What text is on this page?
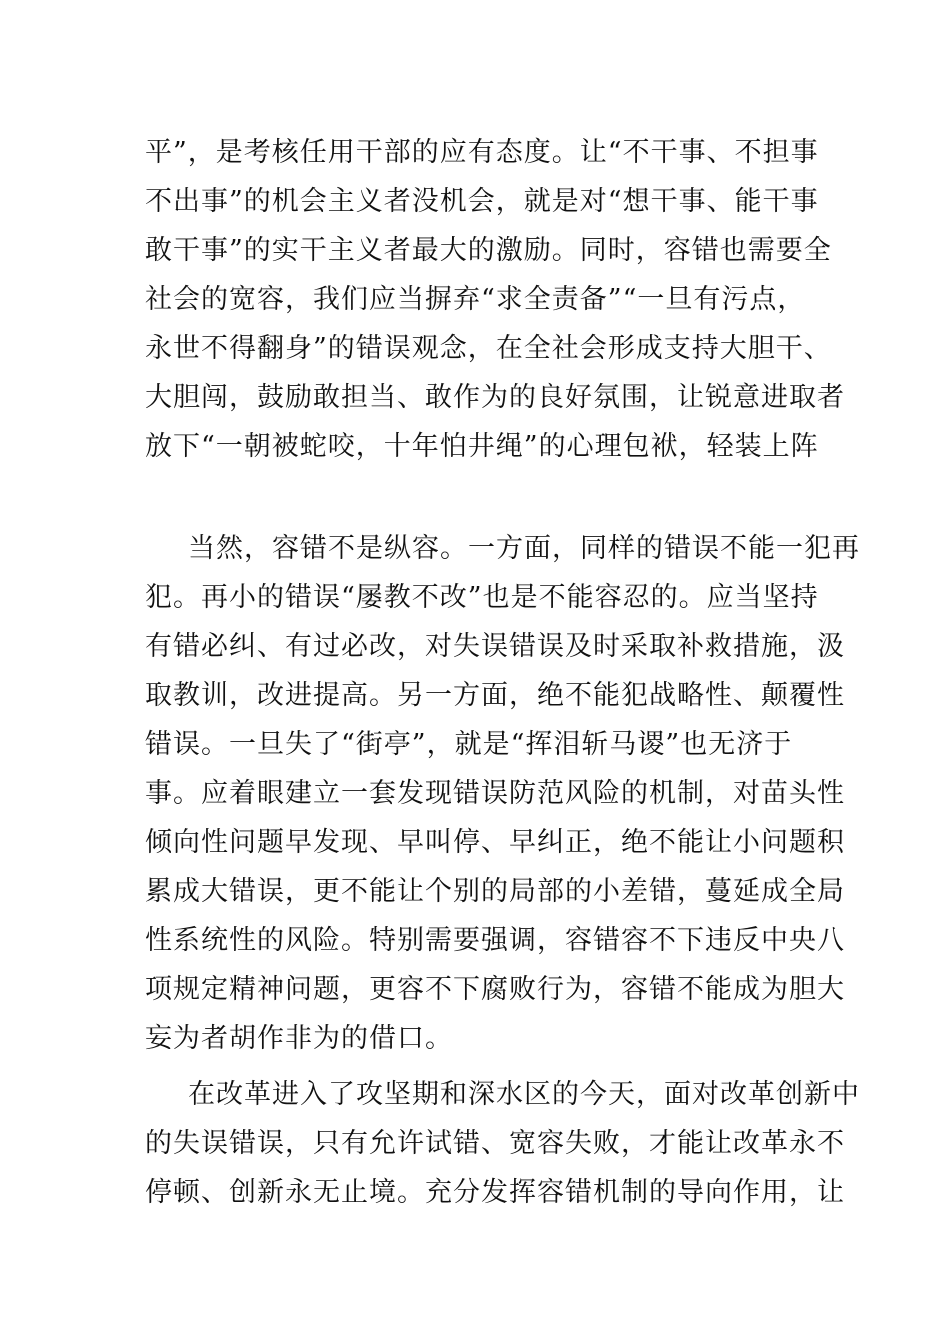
平”，是考核任用干部的应有态度。让“不干事、不担事

不出事”的机会主义者没机会，就是对“想干事、能干事

敢干事”的实干主义者最大的激励。同时，容错也需要全

社会的宽容，我们应当摒弃“求全责备”“一旦有污点，

永世不得翻身”的错误观念，在全社会形成支持大胆干、

大胆闯，鼓励敢担当、敢作为的良好氛围，让锐意进取者

放下“一朝被蛇咬，十年怕井绳”的心理包袱，轻装上阵

当然，容错不是纵容。一方面，同样的错误不能一犯再

犯。再小的错误“屡教不改”也是不能容忍的。应当坚持

有错必纠、有过必改，对失误错误及时采取补救措施，汲

取教训，改进提高。另一方面，绝不能犯战略性、颠覆性

错误。一旦失了“街亭”，就是“挥泪斩马谡”也无济于

事。应着眼建立一套发现错误防范风险的机制，对苗头性

倾向性问题早发现、早叫停、早纠正，绝不能让小问题积

累成大错误，更不能让个别的局部的小差错，蔓延成全局

性系统性的风险。特别需要强调，容错容不下违反中央八

项规定精神问题，更容不下腐败行为，容错不能成为胆大

妄为者胡作非为的借口。

在改革进入了攻坚期和深水区的今天，面对改革创新中

的失误错误，只有允许试错、宽容失败，才能让改革永不

停顿、创新永无止境。充分发挥容错机制的导向作用，让
